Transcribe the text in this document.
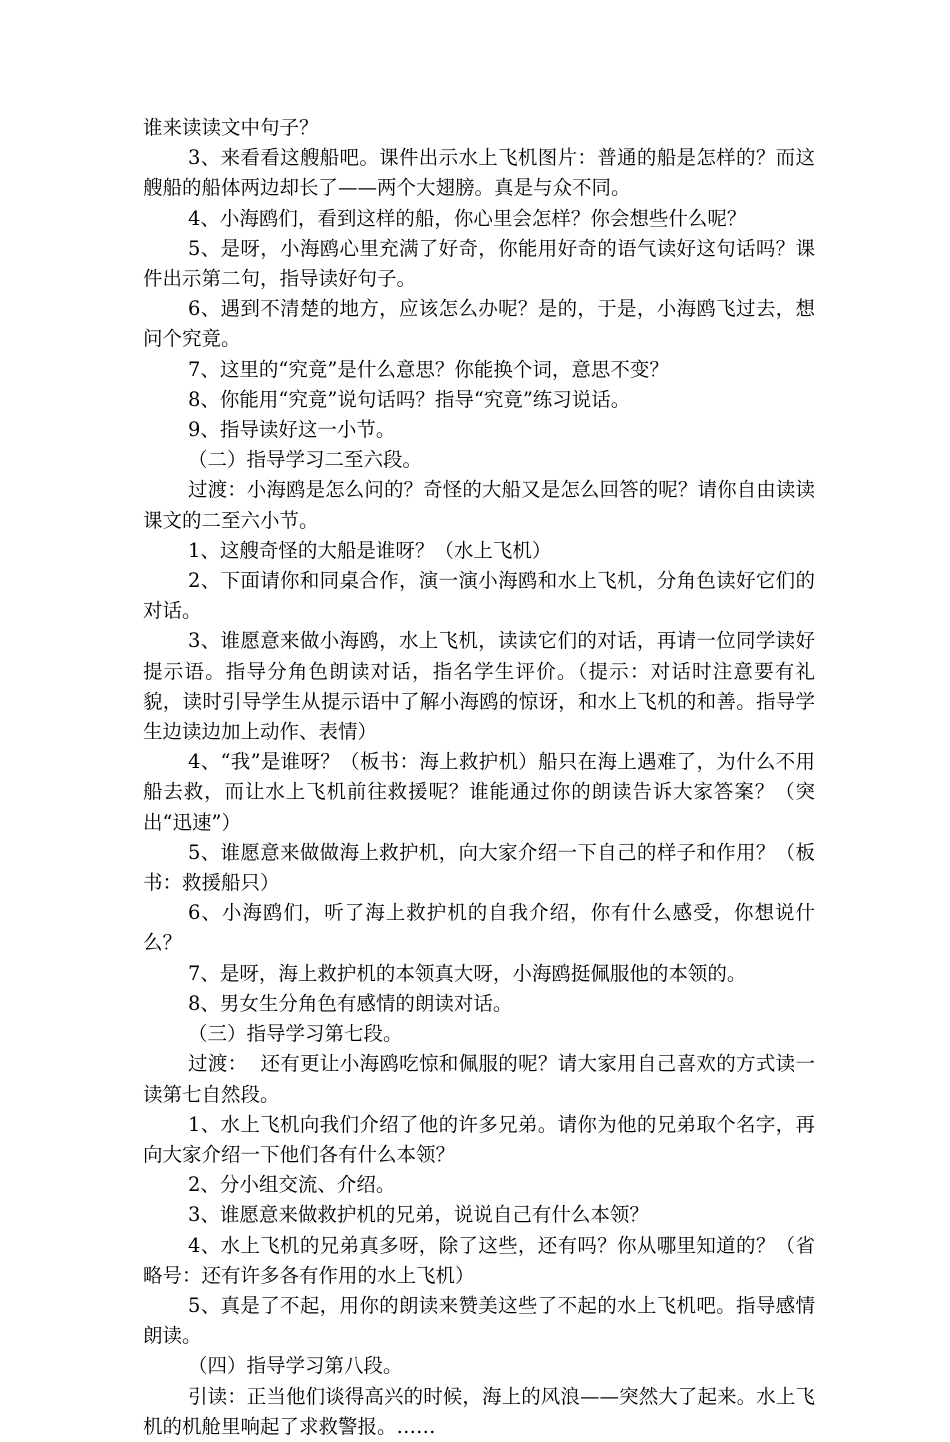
谁来读读文中句子？

3、来看看这艘船吧。课件出示水上飞机图片：普通的船是怎样的？而这艘船的船体两边却长了——两个大翅膀。真是与众不同。

4、小海鸥们，看到这样的船，你心里会怎样？你会想些什么呢？

5、是呀，小海鸥心里充满了好奇，你能用好奇的语气读好这句话吗？课件出示第二句，指导读好句子。

6、遇到不清楚的地方，应该怎么办呢？是的，于是，小海鸥飞过去，想问个究竟。

7、这里的“究竟”是什么意思？你能换个词，意思不变？

8、你能用“究竟”说句话吗？指导“究竟”练习说话。

9、指导读好这一小节。

（二）指导学习二至六段。

过渡：小海鸥是怎么问的？奇怪的大船又是怎么回答的呢？请你自由读读课文的二至六小节。

1、这艘奇怪的大船是谁呀？（水上飞机）

2、下面请你和同桌合作，演一演小海鸥和水上飞机，分角色读好它们的对话。

3、谁愿意来做小海鸥，水上飞机，读读它们的对话，再请一位同学读好提示语。指导分角色朗读对话，指名学生评价。（提示：对话时注意要有礼貌，读时引导学生从提示语中了解小海鸥的惊讶，和水上飞机的和善。指导学生边读边加上动作、表情）

4、“我”是谁呀？（板书：海上救护机）船只在海上遇难了，为什么不用船去救，而让水上飞机前往救援呢？谁能通过你的朗读告诉大家答案？（突出“迅速”）

5、谁愿意来做做海上救护机，向大家介绍一下自己的样子和作用？（板书：救援船只）

6、小海鸥们，听了海上救护机的自我介绍，你有什么感受，你想说什么？

7、是呀，海上救护机的本领真大呀，小海鸥挺佩服他的本领的。

8、男女生分角色有感情的朗读对话。

（三）指导学习第七段。

过渡：  还有更让小海鸥吃惊和佩服的呢？请大家用自己喜欢的方式读一读第七自然段。

1、水上飞机向我们介绍了他的许多兄弟。请你为他的兄弟取个名字，再向大家介绍一下他们各有什么本领？

2、分小组交流、介绍。

3、谁愿意来做救护机的兄弟，说说自己有什么本领？

4、水上飞机的兄弟真多呀，除了这些，还有吗？你从哪里知道的？（省略号：还有许多各有作用的水上飞机）

5、真是了不起，用你的朗读来赞美这些了不起的水上飞机吧。指导感情朗读。

（四）指导学习第八段。

引读：正当他们谈得高兴的时候，海上的风浪——突然大了起来。水上飞机的机舱里响起了求救警报。……
